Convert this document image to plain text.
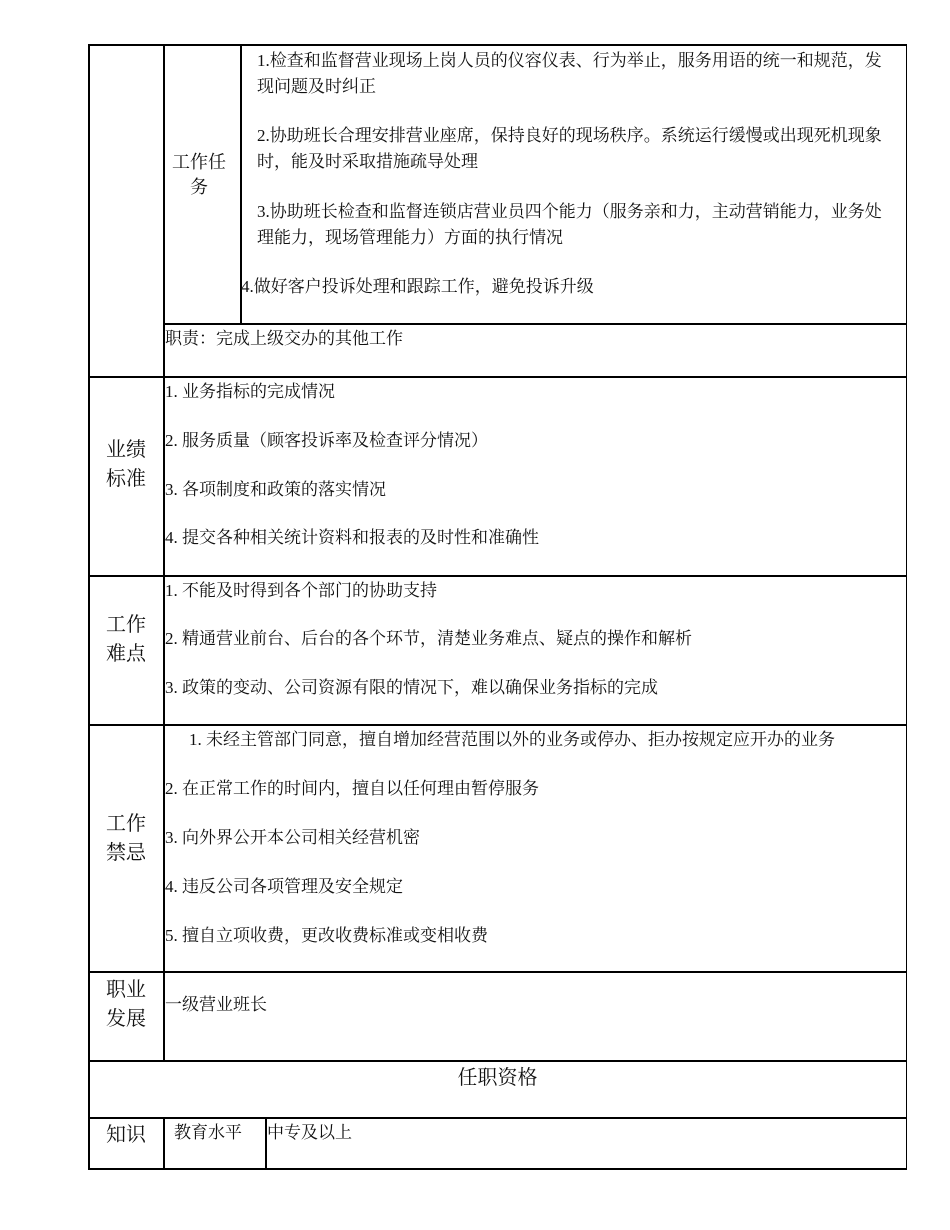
工作任务
1.检查和监督营业现场上岗人员的仪容仪表、行为举止，服务用语的统一和规范，发现问题及时纠正
2.协助班长合理安排营业座席，保持良好的现场秩序。系统运行缓慢或出现死机现象时，能及时采取措施疏导处理
3.协助班长检查和监督连锁店营业员四个能力（服务亲和力，主动营销能力，业务处理能力，现场管理能力）方面的执行情况
4.做好客户投诉处理和跟踪工作，避免投诉升级
职责：完成上级交办的其他工作
业绩标准
1. 业务指标的完成情况
2. 服务质量（顾客投诉率及检查评分情况）
3. 各项制度和政策的落实情况
4. 提交各种相关统计资料和报表的及时性和准确性
工作难点
1. 不能及时得到各个部门的协助支持
2. 精通营业前台、后台的各个环节，清楚业务难点、疑点的操作和解析
3. 政策的变动、公司资源有限的情况下，难以确保业务指标的完成
工作禁忌
1. 未经主管部门同意，擅自增加经营范围以外的业务或停办、拒办按规定应开办的业务
2. 在正常工作的时间内，擅自以任何理由暂停服务
3. 向外界公开本公司相关经营机密
4. 违反公司各项管理及安全规定
5. 擅自立项收费，更改收费标准或变相收费
职业发展
一级营业班长
任职资格
知识	教育水平 中专及以上
